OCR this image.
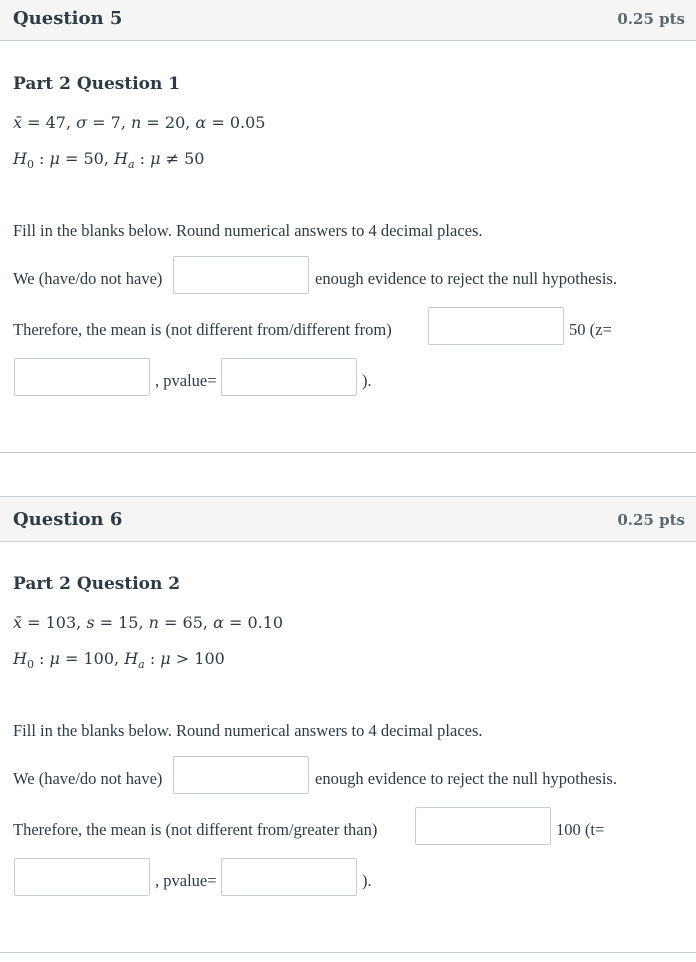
Question 5	0.25 pts
Part 2 Question 1
x̄ = 47, σ = 7, n = 20, α = 0.05
$H_0$ : μ = 50, $H_a$ : μ ≠ 50
Fill in the blanks below. Round numerical answers to 4 decimal places.
We (have/do not have)	enough evidence to reject the null hypothesis.
Therefore, the mean is (not different from/different from)	50 (z=
, pvalue=	).
Question 6	0.25 pts
Part 2 Question 2
x̄ = 103, s = 15, n = 65, α = 0.10
$H_0$ : μ = 100, $H_a$ : μ > 100
Fill in the blanks below. Round numerical answers to 4 decimal places.
We (have/do not have)	enough evidence to reject the null hypothesis.
Therefore, the mean is (not different from/greater than)	100 (t=
, pvalue=	).
